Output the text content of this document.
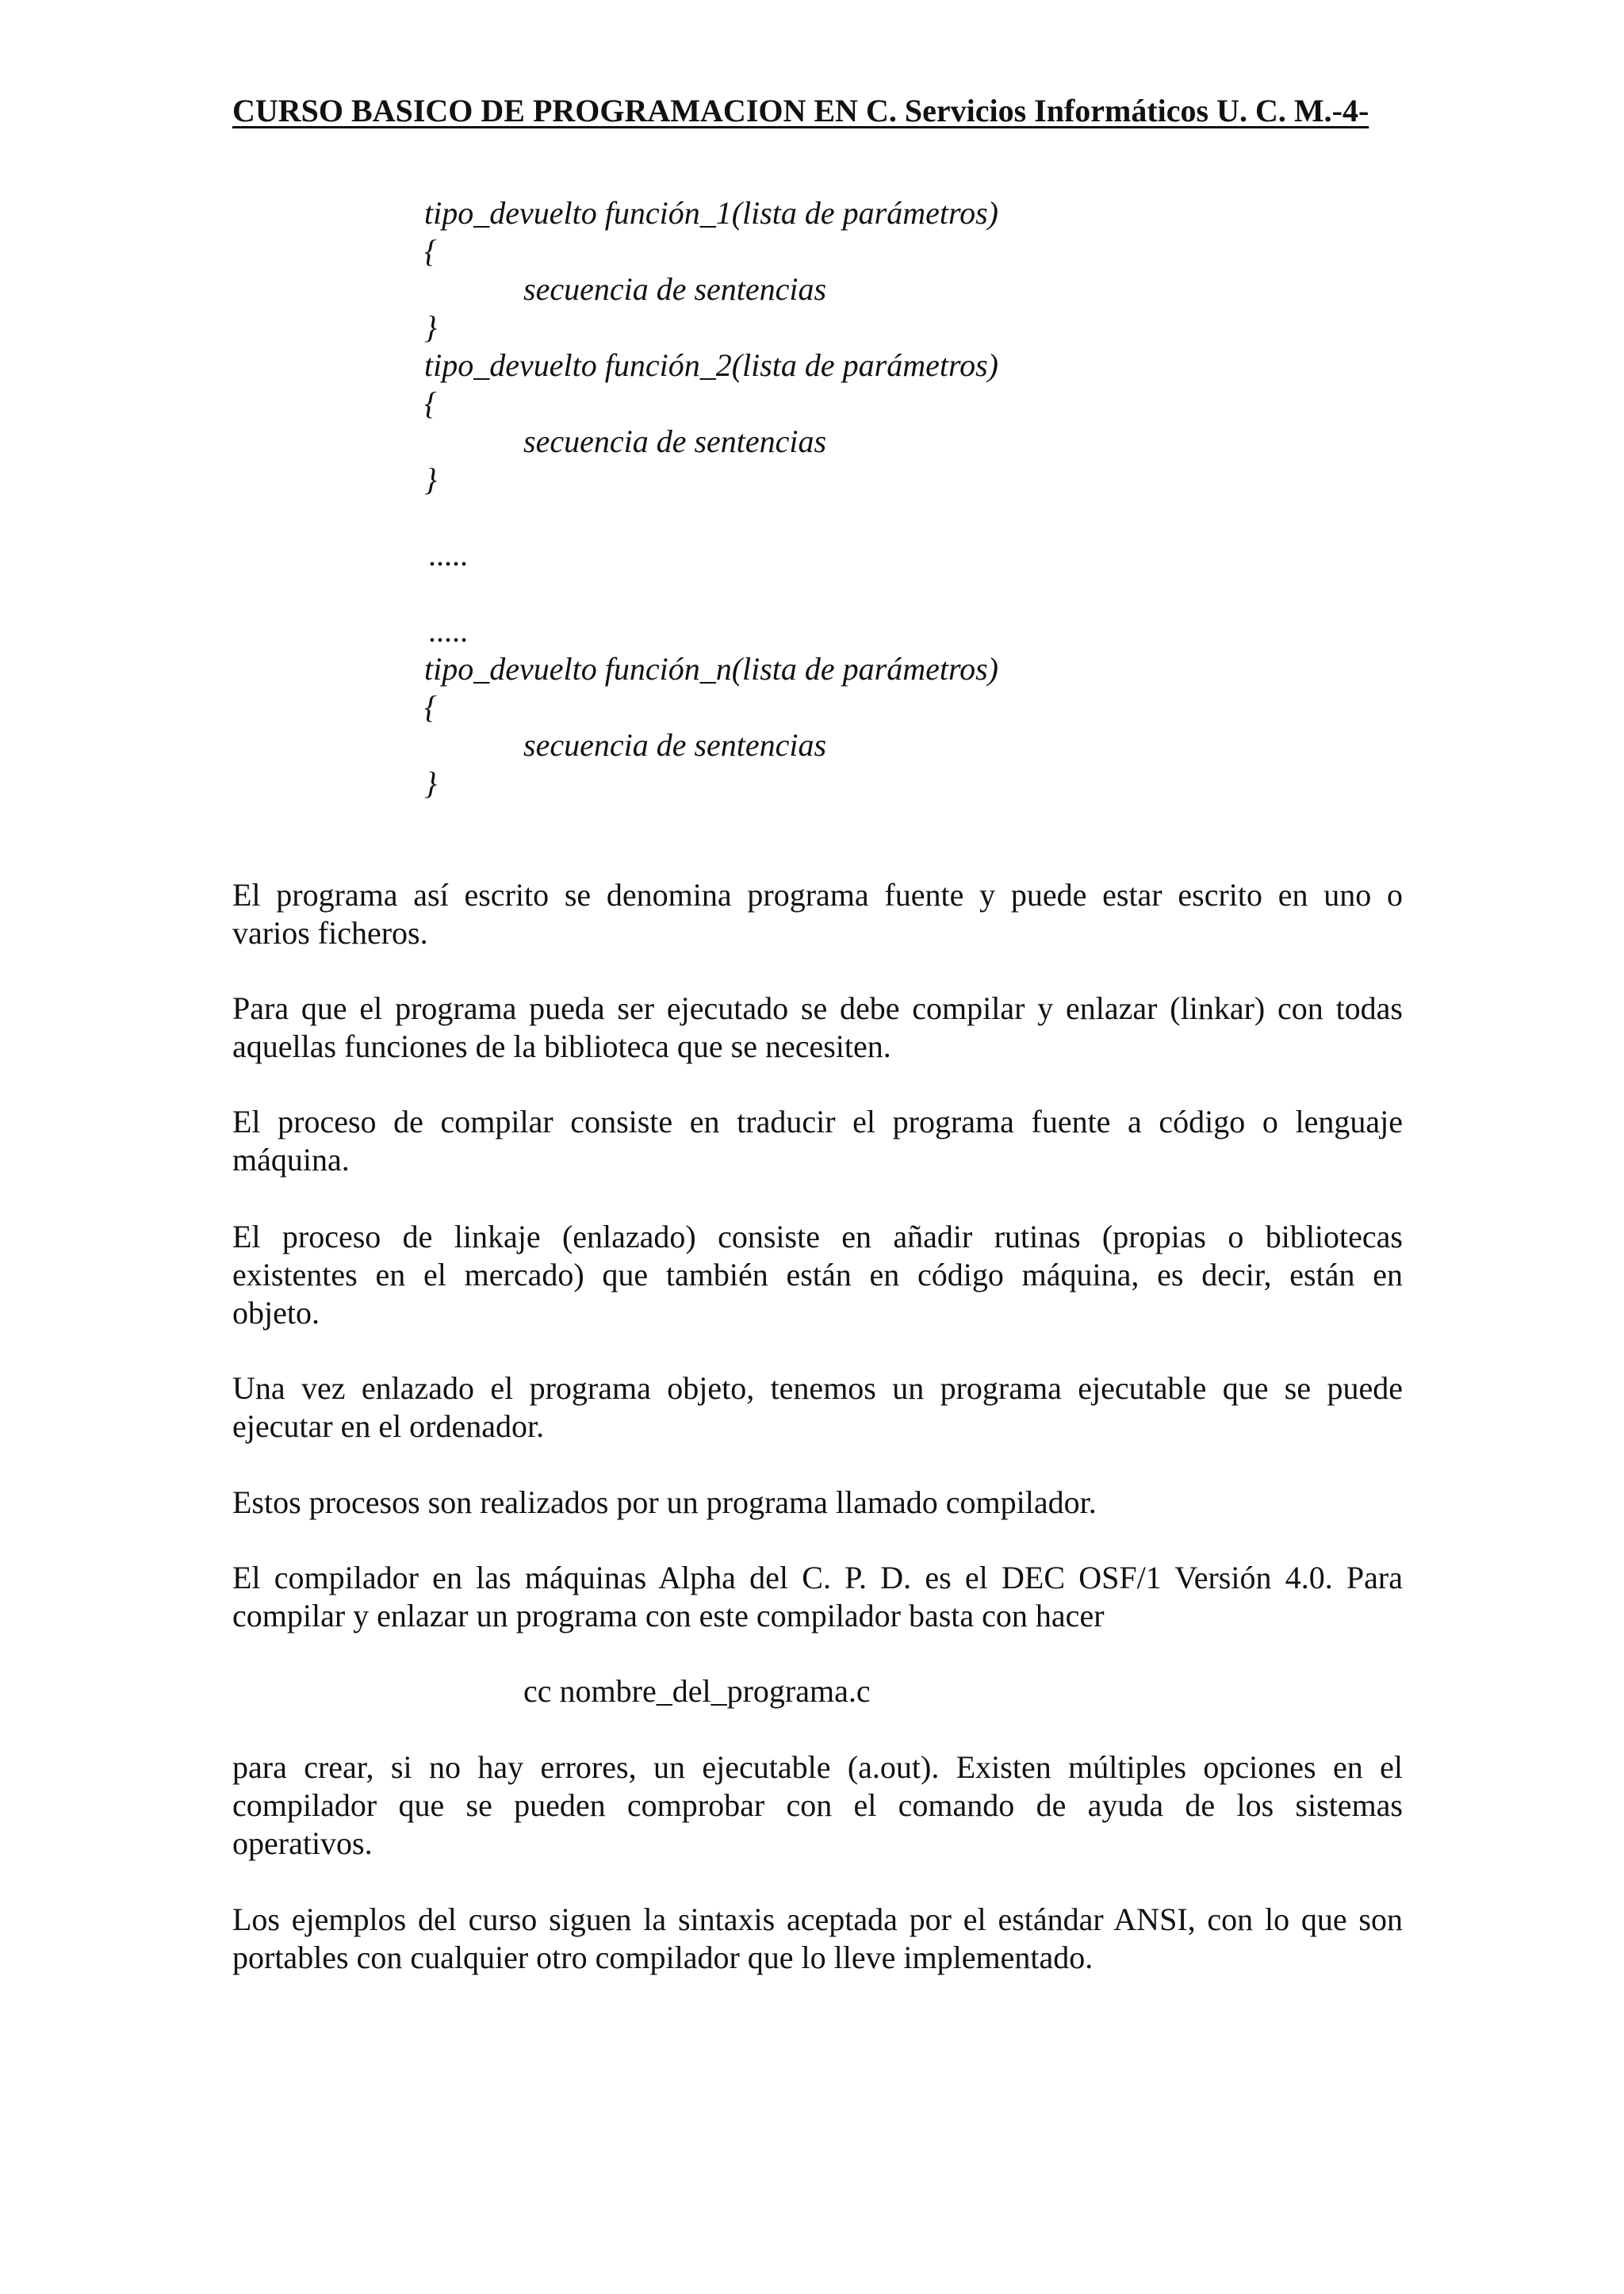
CURSO BASICO DE PROGRAMACION EN C. Servicios Informáticos U. C. M.-4-
tipo_devuelto función_1(lista de parámetros)
{
secuencia de sentencias
}
tipo_devuelto función_2(lista de parámetros)
{
secuencia de sentencias
}
.....
.....
tipo_devuelto función_n(lista de parámetros)
{
secuencia de sentencias
}
El programa así escrito se denomina programa fuente y puede estar escrito en uno o
varios ficheros.
Para que el programa pueda ser ejecutado se debe compilar y enlazar (linkar) con todas
aquellas funciones de la biblioteca que se necesiten.
El proceso de compilar consiste en traducir el programa fuente a código o lenguaje
máquina.
El proceso de linkaje (enlazado) consiste en añadir rutinas (propias o bibliotecas
existentes en el mercado) que también están en código máquina, es decir, están en
objeto.
Una vez enlazado el programa objeto, tenemos un programa ejecutable que se puede
ejecutar en el ordenador.
Estos procesos son realizados por un programa llamado compilador.
El compilador en las máquinas Alpha del C. P. D. es el DEC OSF/1 Versión 4.0. Para
compilar y enlazar un programa con este compilador basta con hacer
cc nombre_del_programa.c
para crear, si no hay errores, un ejecutable (a.out). Existen múltiples opciones en el
compilador que se pueden comprobar con el comando de ayuda de los sistemas
operativos.
Los ejemplos del curso siguen la sintaxis aceptada por el estándar ANSI, con lo que son
portables con cualquier otro compilador que lo lleve implementado.
